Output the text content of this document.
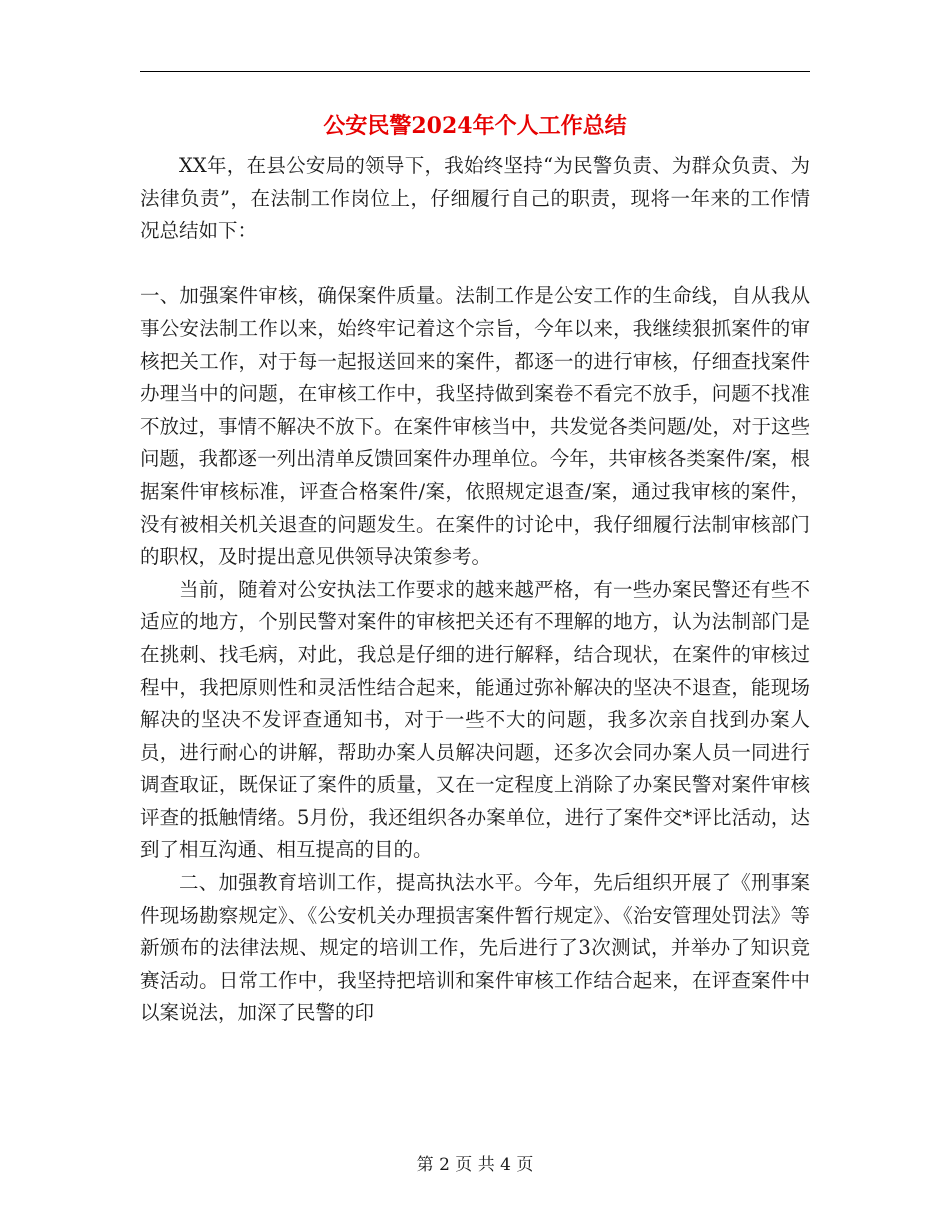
公安民警2024年个人工作总结

XX年，在县公安局的领导下，我始终坚持“为民警负责、为群众负责、为法律负责”，在法制工作岗位上，仔细履行自己的职责，现将一年来的工作情况总结如下：

一、加强案件审核，确保案件质量。法制工作是公安工作的生命线，自从我从事公安法制工作以来，始终牢记着这个宗旨，今年以来，我继续狠抓案件的审核把关工作，对于每一起报送回来的案件，都逐一的进行审核，仔细查找案件办理当中的问题，在审核工作中，我坚持做到案卷不看完不放手，问题不找准不放过，事情不解决不放下。在案件审核当中，共发觉各类问题/处，对于这些问题，我都逐一列出清单反馈回案件办理单位。今年，共审核各类案件/案，根据案件审核标准，评查合格案件/案，依照规定退查/案，通过我审核的案件，没有被相关机关退查的问题发生。在案件的讨论中，我仔细履行法制审核部门的职权，及时提出意见供领导决策参考。

当前，随着对公安执法工作要求的越来越严格，有一些办案民警还有些不适应的地方，个别民警对案件的审核把关还有不理解的地方，认为法制部门是在挑刺、找毛病，对此，我总是仔细的进行解释，结合现状，在案件的审核过程中，我把原则性和灵活性结合起来，能通过弥补解决的坚决不退查，能现场解决的坚决不发评查通知书，对于一些不大的问题，我多次亲自找到办案人员，进行耐心的讲解，帮助办案人员解决问题，还多次会同办案人员一同进行调查取证，既保证了案件的质量，又在一定程度上消除了办案民警对案件审核评查的抵触情绪。5月份，我还组织各办案单位，进行了案件交*评比活动，达到了相互沟通、相互提高的目的。

二、加强教育培训工作，提高执法水平。今年，先后组织开展了《刑事案件现场勘察规定》、《公安机关办理损害案件暂行规定》、《治安管理处罚法》等新颁布的法律法规、规定的培训工作，先后进行了3次测试，并举办了知识竞赛活动。日常工作中，我坚持把培训和案件审核工作结合起来，在评查案件中以案说法，加深了民警的印

第 2 页 共 4 页
